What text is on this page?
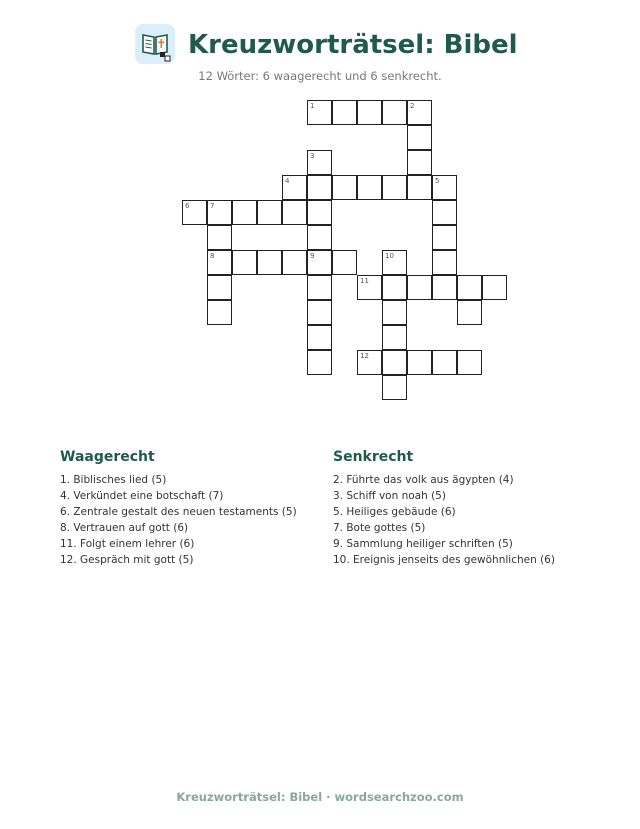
Kreuzworträtsel: Bibel
12 Wörter: 6 waagerecht und 6 senkrecht.
1	2
3
4	5
6	7
8	9	10
11
12
Waagerecht
1. Biblisches lied (5)
4. Verkündet eine botschaft (7)
6. Zentrale gestalt des neuen testaments (5)
8. Vertrauen auf gott (6)
11. Folgt einem lehrer (6)
12. Gespräch mit gott (5)
Senkrecht
2. Führte das volk aus ägypten (4)
3. Schiff von noah (5)
5. Heiliges gebäude (6)
7. Bote gottes (5)
9. Sammlung heiliger schriften (5)
10. Ereignis jenseits des gewöhnlichen (6)
Kreuzworträtsel: Bibel · wordsearchzoo.com
